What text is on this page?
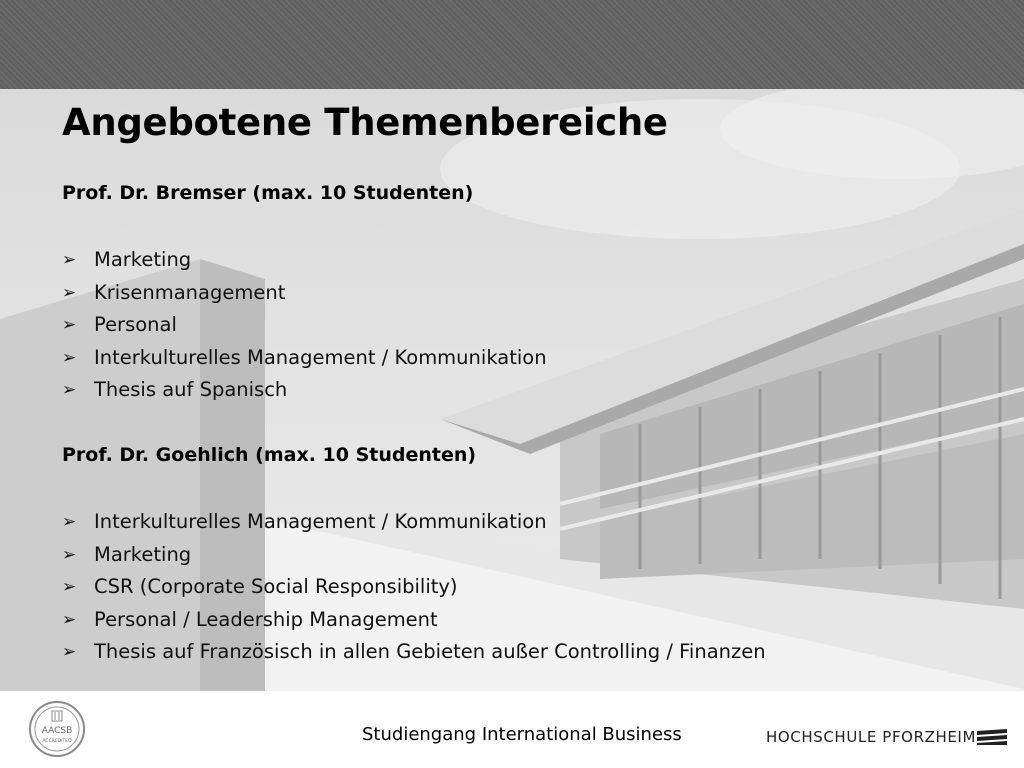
Angebotene Themenbereiche
Prof. Dr. Bremser (max. 10 Studenten)
➢ Marketing
➢ Krisenmanagement
➢ Personal
➢ Interkulturelles Management / Kommunikation
➢ Thesis auf Spanisch
Prof. Dr. Goehlich (max. 10 Studenten)
➢ Interkulturelles Management / Kommunikation
➢ Marketing
➢ CSR (Corporate Social Responsibility)
➢ Personal / Leadership Management
➢ Thesis auf Französisch in allen Gebieten außer Controlling / Finanzen
AACSB
ACCREDITED	Studiengang International Business	HOCHSCHULE PFORZHEIM
